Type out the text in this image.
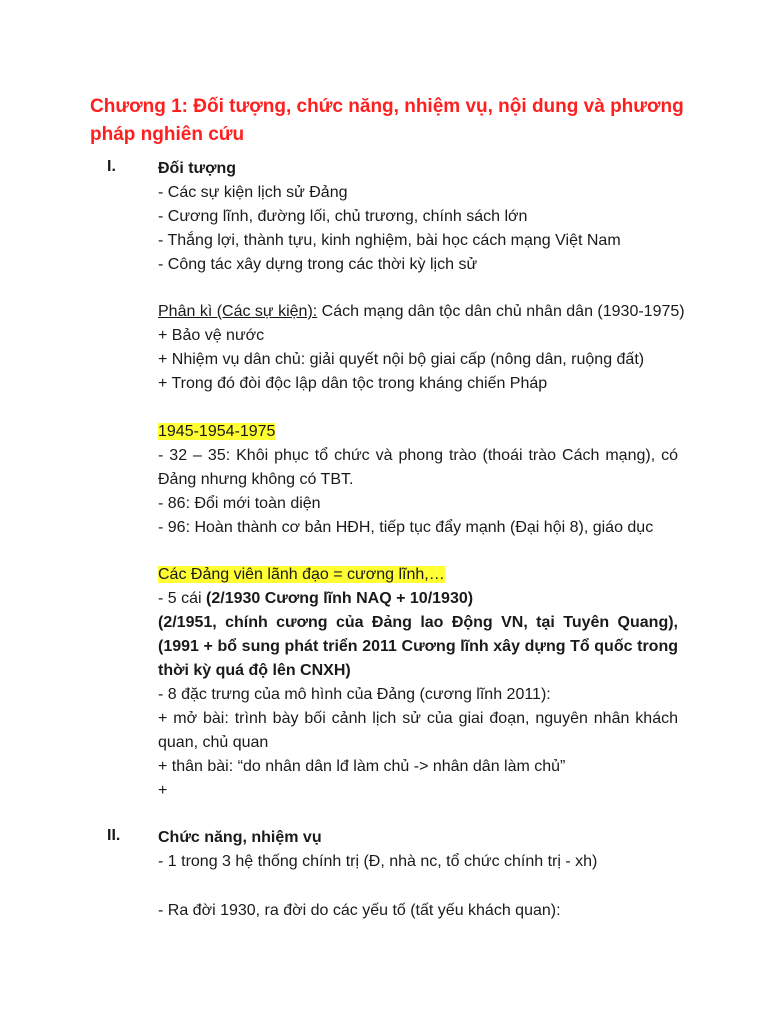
Chương 1: Đối tượng, chức năng, nhiệm vụ, nội dung và phương pháp nghiên cứu
I.	Đối tượng
- Các sự kiện lịch sử Đảng
- Cương lĩnh, đường lối, chủ trương, chính sách lớn
- Thắng lợi, thành tựu, kinh nghiệm, bài học cách mạng Việt Nam
- Công tác xây dựng trong các thời kỳ lịch sử
Phân kì (Các sự kiện): Cách mạng dân tộc dân chủ nhân dân (1930-1975)
+ Bảo vệ nước
+ Nhiệm vụ dân chủ: giải quyết nội bộ giai cấp (nông dân, ruộng đất)
+ Trong đó đòi độc lập dân tộc trong kháng chiến Pháp
1945-1954-1975
- 32 – 35: Khôi phục tổ chức và phong trào (thoái trào Cách mạng), có Đảng nhưng không có TBT.
- 86: Đổi mới toàn diện
- 96: Hoàn thành cơ bản HĐH, tiếp tục đẩy mạnh (Đại hội 8), giáo dục
Các Đảng viên lãnh đạo = cương lĩnh,…
- 5 cái (2/1930 Cương lĩnh NAQ + 10/1930)
(2/1951, chính cương của Đảng lao Động VN, tại Tuyên Quang), (1991 + bổ sung phát triển 2011 Cương lĩnh xây dựng Tổ quốc trong thời kỳ quá độ lên CNXH)
- 8 đặc trưng của mô hình của Đảng (cương lĩnh 2011):
+ mở bài: trình bày bối cảnh lịch sử của giai đoạn, nguyên nhân khách quan, chủ quan
+ thân bài: “do nhân dân lđ làm chủ -> nhân dân làm chủ”
+
II. Chức năng, nhiệm vụ
- 1 trong 3 hệ thống chính trị (Đ, nhà nc, tổ chức chính trị - xh)
- Ra đời 1930, ra đời do các yếu tố (tất yếu khách quan):
